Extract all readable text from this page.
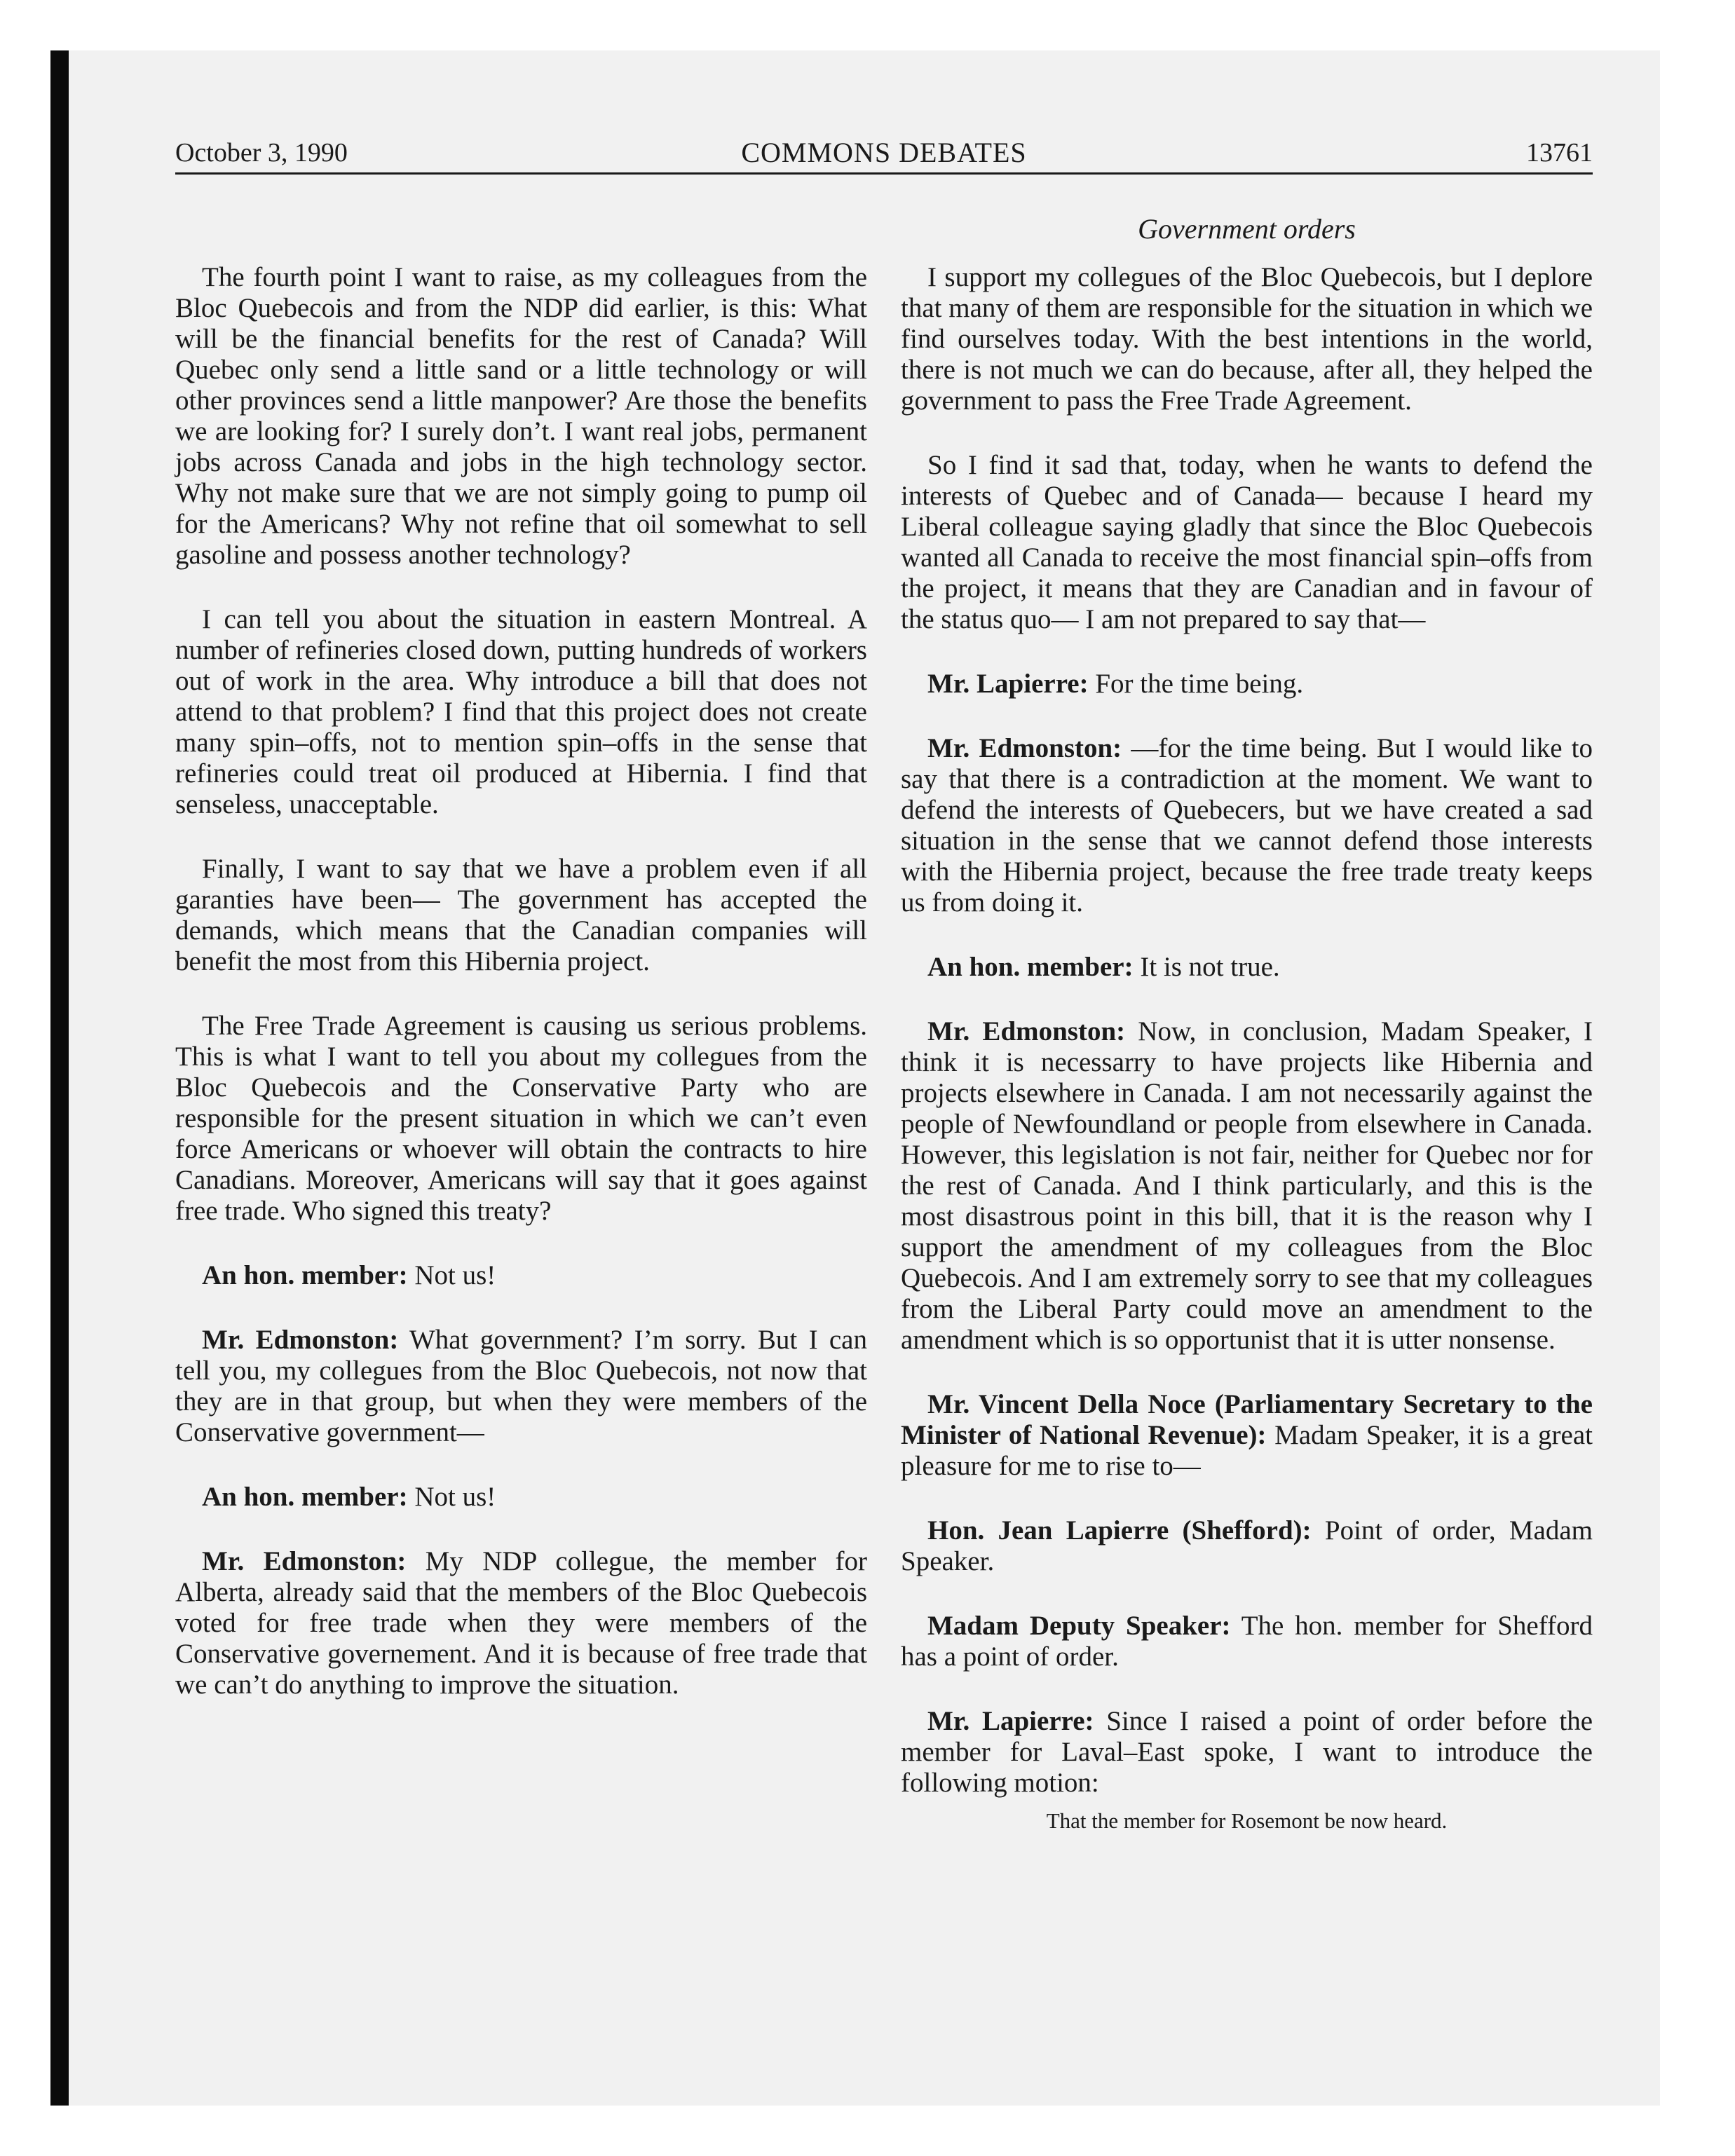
October 3, 1990	COMMONS DEBATES	13761
Government orders

The fourth point I want to raise, as my colleagues from the Bloc Quebecois and from the NDP did earlier, is this: What will be the financial benefits for the rest of Canada? Will Quebec only send a little sand or a little technology or will other provinces send a little manpower? Are those the benefits we are looking for? I surely don’t. I want real jobs, permanent jobs across Canada and jobs in the high technology sector. Why not make sure that we are not simply going to pump oil for the Americans? Why not refine that oil somewhat to sell gasoline and possess another technology?

I can tell you about the situation in eastern Montreal. A number of refineries closed down, putting hundreds of workers out of work in the area. Why introduce a bill that does not attend to that problem? I find that this project does not create many spin–offs, not to mention spin–offs in the sense that refineries could treat oil produced at Hibernia. I find that senseless, unacceptable.

Finally, I want to say that we have a problem even if all garanties have been— The government has accepted the demands, which means that the Canadian companies will benefit the most from this Hibernia project.

The Free Trade Agreement is causing us serious problems. This is what I want to tell you about my collegues from the Bloc Quebecois and the Conservative Party who are responsible for the present situation in which we can’t even force Americans or whoever will obtain the contracts to hire Canadians. Moreover, Americans will say that it goes against free trade. Who signed this treaty?

An hon. member: Not us!

Mr. Edmonston: What government? I’m sorry. But I can tell you, my collegues from the Bloc Quebecois, not now that they are in that group, but when they were members of the Conservative government—

An hon. member: Not us!

Mr. Edmonston: My NDP collegue, the member for Alberta, already said that the members of the Bloc Quebecois voted for free trade when they were members of the Conservative governement. And it is because of free trade that we can’t do anything to improve the situation.

I support my collegues of the Bloc Quebecois, but I deplore that many of them are responsible for the situation in which we find ourselves today. With the best intentions in the world, there is not much we can do because, after all, they helped the government to pass the Free Trade Agreement.

So I find it sad that, today, when he wants to defend the interests of Quebec and of Canada— because I heard my Liberal colleague saying gladly that since the Bloc Quebecois wanted all Canada to receive the most financial spin–offs from the project, it means that they are Canadian and in favour of the status quo— I am not prepared to say that—

Mr. Lapierre: For the time being.

Mr. Edmonston: —for the time being. But I would like to say that there is a contradiction at the moment. We want to defend the interests of Quebecers, but we have created a sad situation in the sense that we cannot defend those interests with the Hibernia project, because the free trade treaty keeps us from doing it.

An hon. member: It is not true.

Mr. Edmonston: Now, in conclusion, Madam Speaker, I think it is necessarry to have projects like Hibernia and projects elsewhere in Canada. I am not necessarily against the people of Newfoundland or people from elsewhere in Canada. However, this legislation is not fair, neither for Quebec nor for the rest of Canada. And I think particularly, and this is the most disastrous point in this bill, that it is the reason why I support the amendment of my colleagues from the Bloc Quebecois. And I am extremely sorry to see that my colleagues from the Liberal Party could move an amendment to the amendment which is so opportunist that it is utter nonsense.

Mr. Vincent Della Noce (Parliamentary Secretary to the Minister of National Revenue): Madam Speaker, it is a great pleasure for me to rise to—

Hon. Jean Lapierre (Shefford): Point of order, Madam Speaker.

Madam Deputy Speaker: The hon. member for Shefford has a point of order.

Mr. Lapierre: Since I raised a point of order before the member for Laval–East spoke, I want to introduce the following motion:

That the member for Rosemont be now heard.
